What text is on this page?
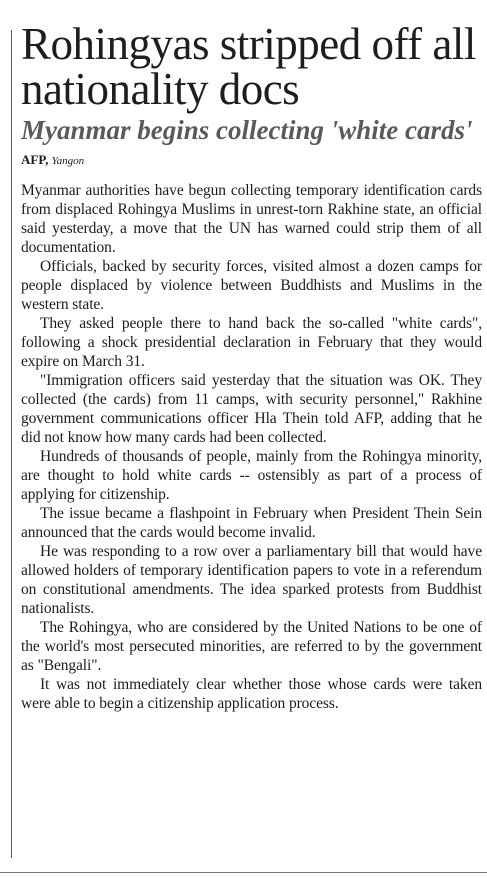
Rohingyas stripped off all nationality docs
Myanmar begins collecting 'white cards'
AFP, Yangon

Myanmar authorities have begun collecting temporary identification cards from displaced Rohingya Muslims in unrest-torn Rakhine state, an official said yesterday, a move that the UN has warned could strip them of all documentation.

Officials, backed by security forces, visited almost a dozen camps for people displaced by violence between Buddhists and Muslims in the western state.

They asked people there to hand back the so-called "white cards", following a shock presidential declaration in February that they would expire on March 31.

"Immigration officers said yesterday that the situation was OK. They collected (the cards) from 11 camps, with security personnel," Rakhine government communications officer Hla Thein told AFP, adding that he did not know how many cards had been collected.

Hundreds of thousands of people, mainly from the Rohingya minority, are thought to hold white cards -- ostensibly as part of a process of applying for citizenship.

The issue became a flashpoint in February when President Thein Sein announced that the cards would become invalid.

He was responding to a row over a parliamentary bill that would have allowed holders of temporary identification papers to vote in a referendum on constitutional amendments. The idea sparked protests from Buddhist nationalists.

The Rohingya, who are considered by the United Nations to be one of the world's most persecuted minorities, are referred to by the government as "Bengali".

It was not immediately clear whether those whose cards were taken were able to begin a citizenship application process.
